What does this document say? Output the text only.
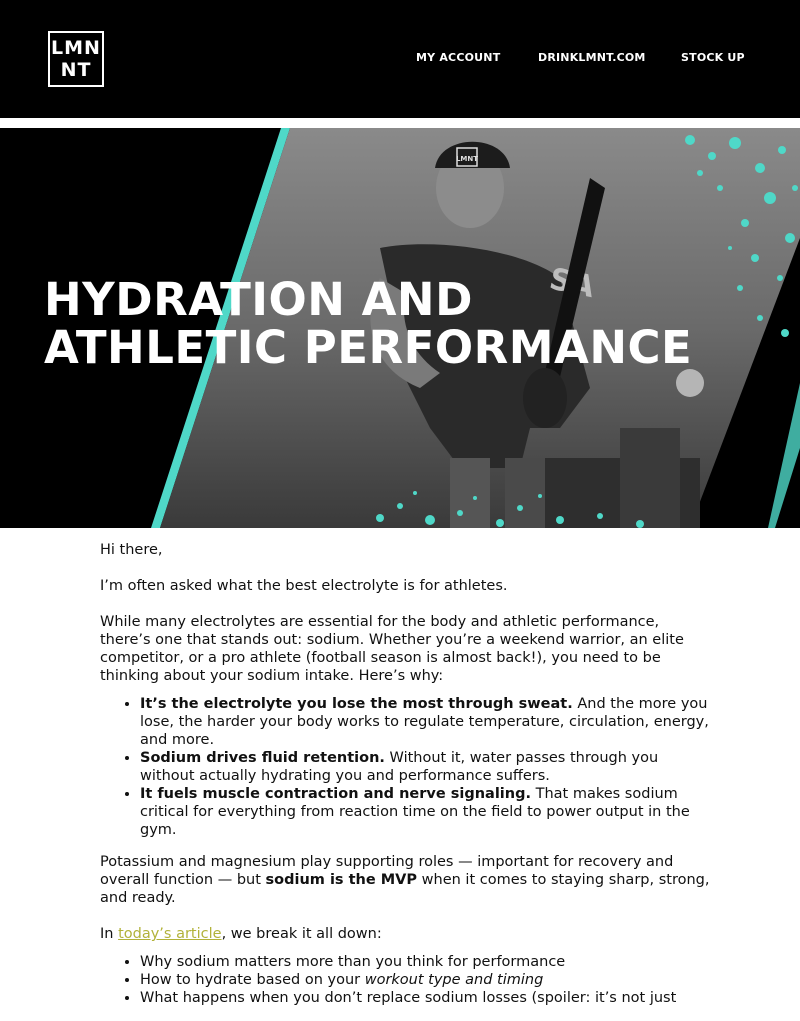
LMN
NT
MY ACCOUNT	DRINKLMNT.COM	STOCK UP
LMNT
HYDRATION AND
ATHLETIC PERFORMANCE

Hi there,

I’m often asked what the best electrolyte is for athletes.

While many electrolytes are essential for the body and athletic performance, there’s one that stands out: sodium. Whether you’re a weekend warrior, an elite competitor, or a pro athlete (football season is almost back!), you need to be thinking about your sodium intake. Here’s why:

• It’s the electrolyte you lose the most through sweat. And the more you lose, the harder your body works to regulate temperature, circulation, energy, and more.
• Sodium drives fluid retention. Without it, water passes through you without actually hydrating you and performance suffers.
• It fuels muscle contraction and nerve signaling. That makes sodium critical for everything from reaction time on the field to power output in the gym.

Potassium and magnesium play supporting roles — important for recovery and overall function — but sodium is the MVP when it comes to staying sharp, strong, and ready.

In today’s article, we break it all down:

• Why sodium matters more than you think for performance
• How to hydrate based on your workout type and timing
• What happens when you don’t replace sodium losses (spoiler: it’s not just
